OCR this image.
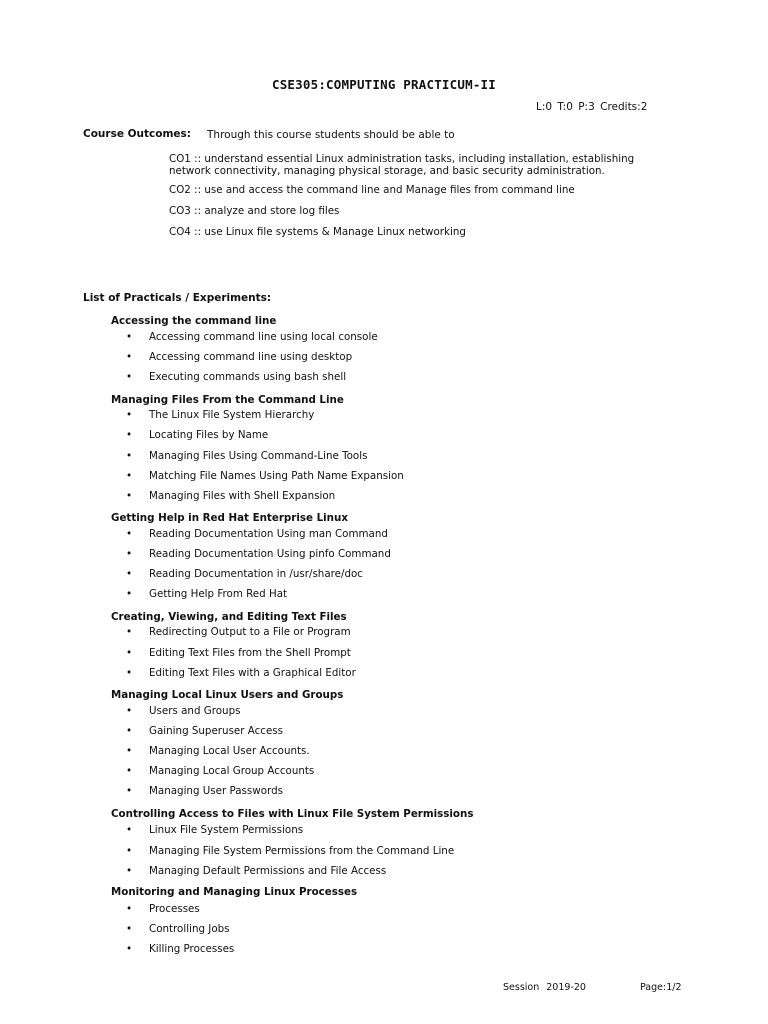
CSE305:COMPUTING PRACTICUM-II
L:0 T:0 P:3 Credits:2
Course Outcomes: Through this course students should be able to
CO1 :: understand essential Linux administration tasks, including installation, establishing network connectivity, managing physical storage, and basic security administration.
CO2 :: use and access the command line and Manage files from command line
CO3 :: analyze and store log files
CO4 :: use Linux file systems & Manage Linux networking
List of Practicals / Experiments:
Accessing the command line
• Accessing command line using local console
• Accessing command line using desktop
• Executing commands using bash shell
Managing Files From the Command Line
• The Linux File System Hierarchy
• Locating Files by Name
• Managing Files Using Command-Line Tools
• Matching File Names Using Path Name Expansion
• Managing Files with Shell Expansion
Getting Help in Red Hat Enterprise Linux
• Reading Documentation Using man Command
• Reading Documentation Using pinfo Command
• Reading Documentation in /usr/share/doc
• Getting Help From Red Hat
Creating, Viewing, and Editing Text Files
• Redirecting Output to a File or Program
• Editing Text Files from the Shell Prompt
• Editing Text Files with a Graphical Editor
Managing Local Linux Users and Groups
• Users and Groups
• Gaining Superuser Access
• Managing Local User Accounts.
• Managing Local Group Accounts
• Managing User Passwords
Controlling Access to Files with Linux File System Permissions
• Linux File System Permissions
• Managing File System Permissions from the Command Line
• Managing Default Permissions and File Access
Monitoring and Managing Linux Processes
• Processes
• Controlling Jobs
• Killing Processes
Session 2019-20	Page:1/2
